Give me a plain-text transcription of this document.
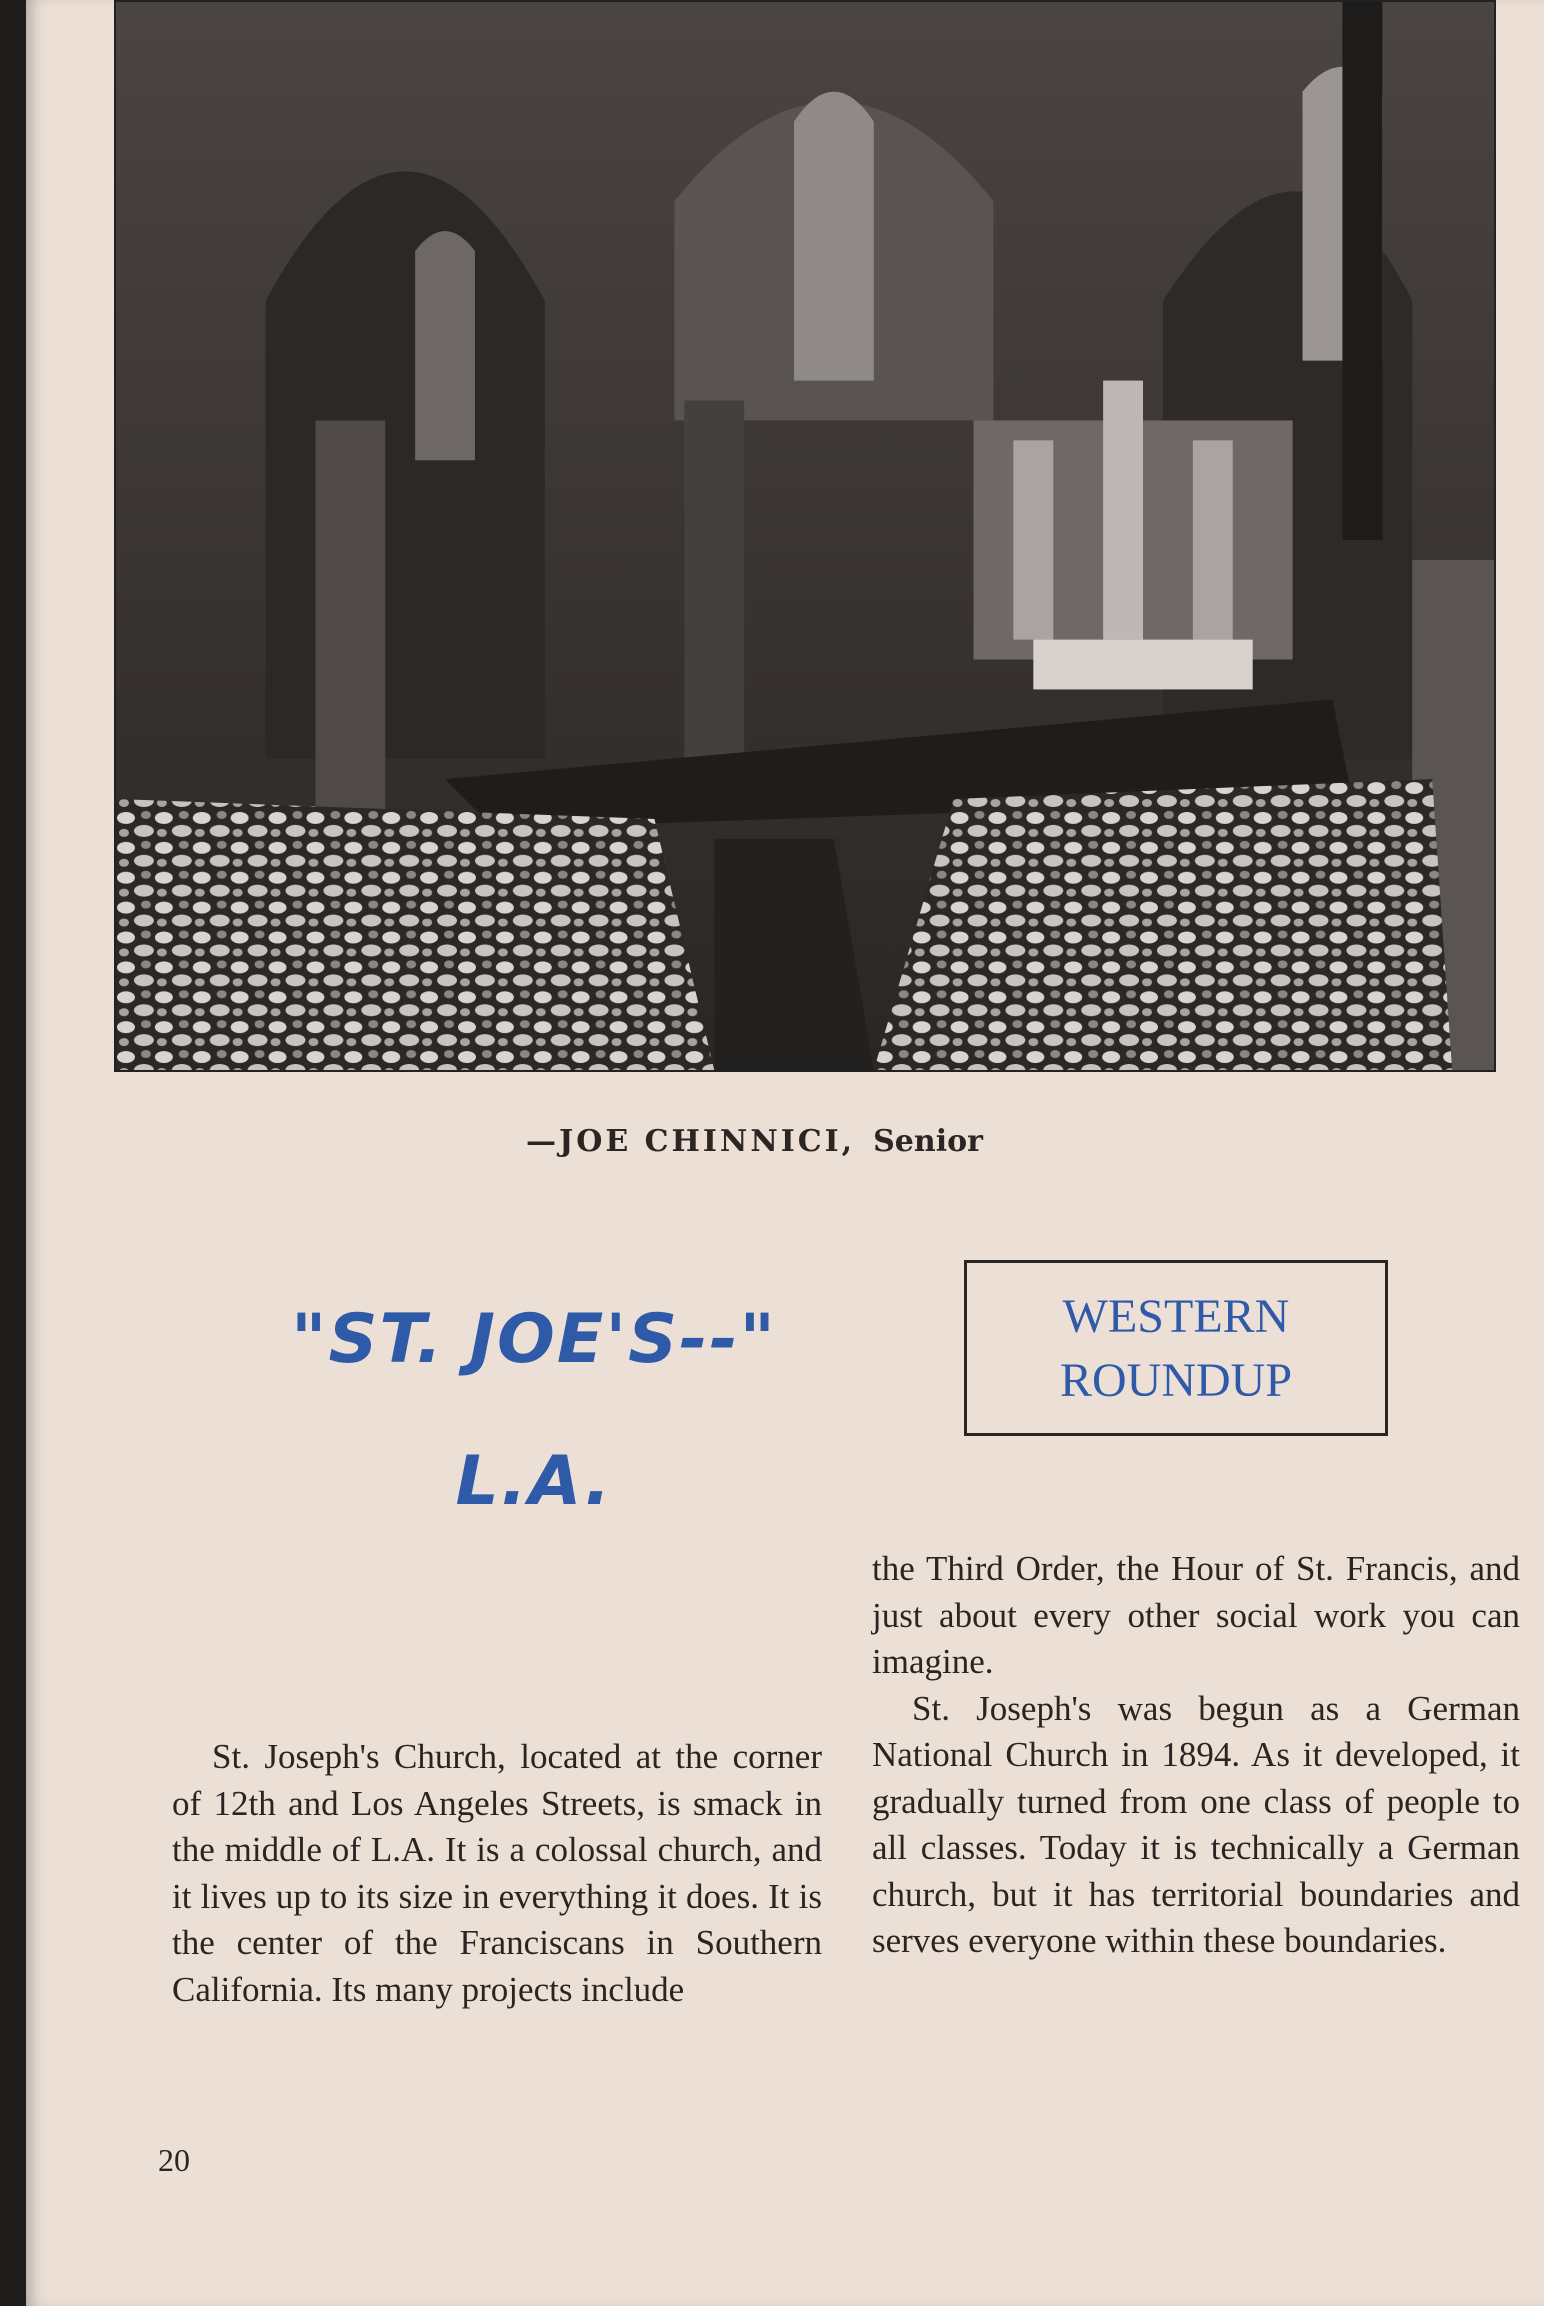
—JOE CHINNICI, Senior
"ST. JOE'S--"
L.A.
WESTERN
ROUNDUP

St. Joseph's Church, located at the corner of 12th and Los Angeles Streets, is smack in the middle of L.A. It is a colossal church, and it lives up to its size in everything it does. It is the center of the Franciscans in Southern California. Its many projects include

the Third Order, the Hour of St. Francis, and just about every other social work you can imagine.

St. Joseph's was begun as a German National Church in 1894. As it developed, it gradually turned from one class of people to all classes. Today it is technically a German church, but it has territorial boundaries and serves everyone within these boundaries.

20
